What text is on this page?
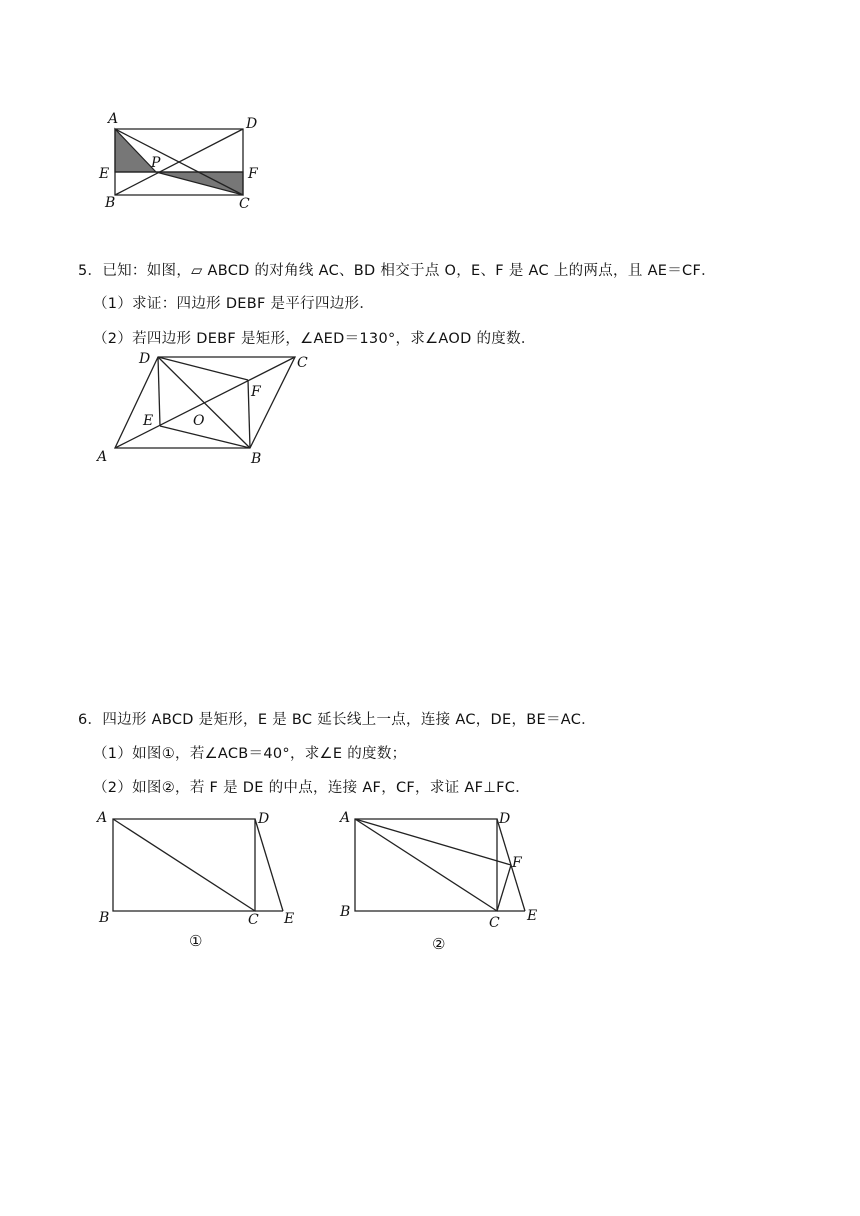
A	D
P
E	F
B	C
5．已知：如图，▱ ABCD 的对角线 AC、BD 相交于点 O，E、F 是 AC 上的两点，且 AE＝CF．
（1）求证：四边形 DEBF 是平行四边形．
（2）若四边形 DEBF 是矩形，∠AED＝130°，求∠AOD 的度数．
D	C
F
E	O
A	B
6．四边形 ABCD 是矩形，E 是 BC 延长线上一点，连接 AC，DE，BE＝AC．
（1）如图①，若∠ACB＝40°，求∠E 的度数；
（2）如图②，若 F 是 DE 的中点，连接 AF，CF，求证 AF⊥FC．
A	D
B	C E
①
A	D
F
B
C E
②
